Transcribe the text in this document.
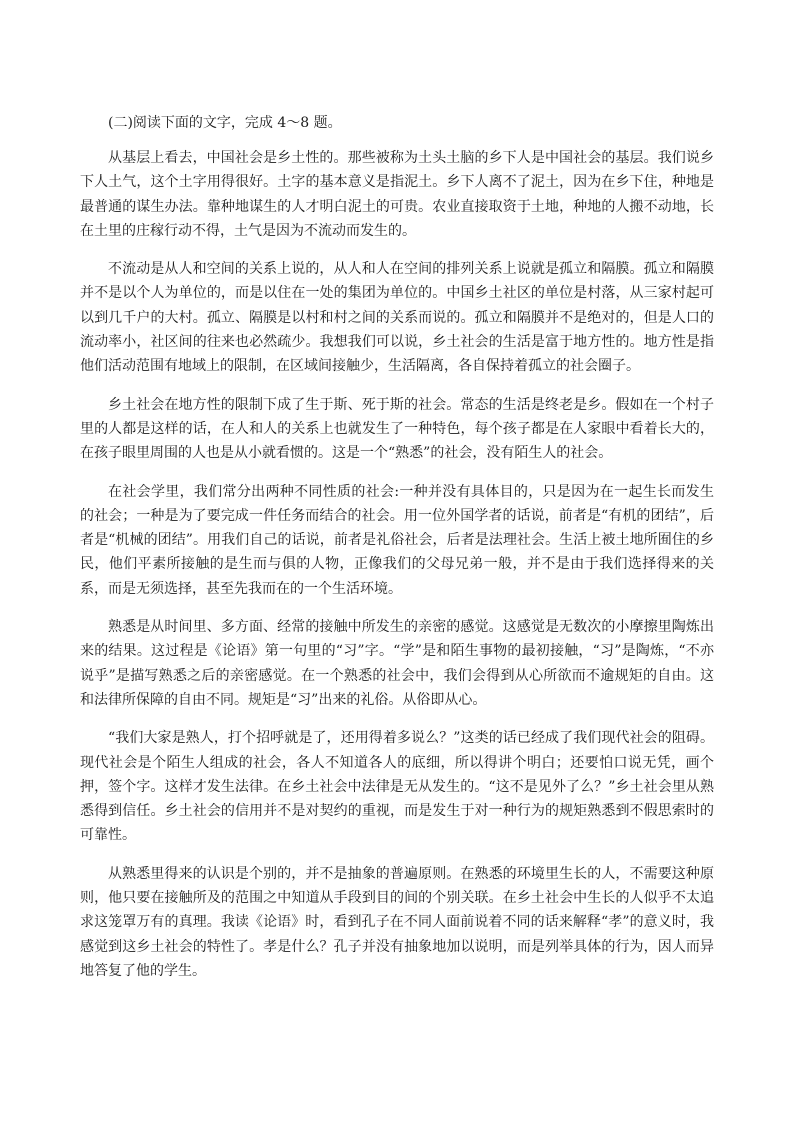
(二)阅读下面的文字，完成 4～8 题。

从基层上看去，中国社会是乡土性的。那些被称为土头土脑的乡下人是中国社会的基层。我们说乡下人土气，这个土字用得很好。土字的基本意义是指泥土。乡下人离不了泥土，因为在乡下住，种地是最普通的谋生办法。靠种地谋生的人才明白泥土的可贵。农业直接取资于土地，种地的人搬不动地，长在土里的庄稼行动不得，土气是因为不流动而发生的。

不流动是从人和空间的关系上说的，从人和人在空间的排列关系上说就是孤立和隔膜。孤立和隔膜并不是以个人为单位的，而是以住在一处的集团为单位的。中国乡土社区的单位是村落，从三家村起可以到几千户的大村。孤立、隔膜是以村和村之间的关系而说的。孤立和隔膜并不是绝对的，但是人口的流动率小，社区间的往来也必然疏少。我想我们可以说，乡土社会的生活是富于地方性的。地方性是指他们活动范围有地域上的限制，在区域间接触少，生活隔离，各自保持着孤立的社会圈子。

乡土社会在地方性的限制下成了生于斯、死于斯的社会。常态的生活是终老是乡。假如在一个村子里的人都是这样的话，在人和人的关系上也就发生了一种特色，每个孩子都是在人家眼中看着长大的，在孩子眼里周围的人也是从小就看惯的。这是一个“熟悉”的社会，没有陌生人的社会。

在社会学里，我们常分出两种不同性质的社会:一种并没有具体目的，只是因为在一起生长而发生的社会；一种是为了要完成一件任务而结合的社会。用一位外国学者的话说，前者是“有机的团结”，后者是“机械的团结”。用我们自己的话说，前者是礼俗社会，后者是法理社会。生活上被土地所囿住的乡民，他们平素所接触的是生而与俱的人物，正像我们的父母兄弟一般，并不是由于我们选择得来的关系，而是无须选择，甚至先我而在的一个生活环境。

熟悉是从时间里、多方面、经常的接触中所发生的亲密的感觉。这感觉是无数次的小摩擦里陶炼出来的结果。这过程是《论语》第一句里的“习”字。“学”是和陌生事物的最初接触，“习”是陶炼，“不亦说乎”是描写熟悉之后的亲密感觉。在一个熟悉的社会中，我们会得到从心所欲而不逾规矩的自由。这和法律所保障的自由不同。规矩是“习”出来的礼俗。从俗即从心。

“我们大家是熟人，打个招呼就是了，还用得着多说么？”这类的话已经成了我们现代社会的阻碍。现代社会是个陌生人组成的社会，各人不知道各人的底细，所以得讲个明白；还要怕口说无凭，画个押，签个字。这样才发生法律。在乡土社会中法律是无从发生的。“这不是见外了么？”乡土社会里从熟悉得到信任。乡土社会的信用并不是对契约的重视，而是发生于对一种行为的规矩熟悉到不假思索时的可靠性。

从熟悉里得来的认识是个别的，并不是抽象的普遍原则。在熟悉的环境里生长的人，不需要这种原则，他只要在接触所及的范围之中知道从手段到目的间的个别关联。在乡土社会中生长的人似乎不太追求这笼罩万有的真理。我读《论语》时，看到孔子在不同人面前说着不同的话来解释“孝”的意义时，我感觉到这乡土社会的特性了。孝是什么？孔子并没有抽象地加以说明，而是列举具体的行为，因人而异地答复了他的学生。
